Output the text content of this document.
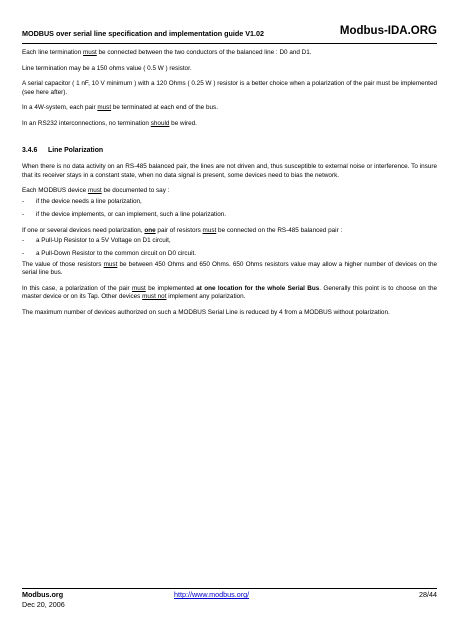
MODBUS over serial line specification and implementation guide V1.02	Modbus-IDA.ORG

Each line termination must be connected between the two conductors of the balanced line : D0 and D1.

Line termination may be a 150 ohms value ( 0.5 W ) resistor.

A serial capacitor ( 1 nF, 10 V minimum ) with a 120 Ohms ( 0.25 W ) resistor is a better choice when a polarization of the pair must be implemented (see here after).

In a 4W-system, each pair must be terminated at each end of the bus.

In an RS232 interconnections, no termination should be wired.

3.4.6 Line Polarization

When there is no data activity on an RS-485 balanced pair, the lines are not driven and, thus susceptible to external noise or interference. To insure that its receiver stays in a constant state, when no data signal is present, some devices need to bias the network.

Each MODBUS device must be documented to say :

-	if the device needs a line polarization,
-	if the device implements, or can implement, such a line polarization.

If one or several devices need polarization, one pair of resistors must be connected on the RS-485 balanced pair :

-	a Pull-Up Resistor to a 5V Voltage on D1 circuit,
-	a Pull-Down Resistor to the common circuit on D0 circuit.

The value of those resistors must be between 450 Ohms and 650 Ohms. 650 Ohms resistors value may allow a higher number of devices on the serial line bus.

In this case, a polarization of the pair must be implemented at one location for the whole Serial Bus. Generally this point is to choose on the master device or on its Tap. Other devices must not implement any polarization.

The maximum number of devices authorized on such a MODBUS Serial Line is reduced by 4 from a MODBUS without polarization.

Modbus.org
Dec 20, 2006
http://www.modbus.org/	28/44
